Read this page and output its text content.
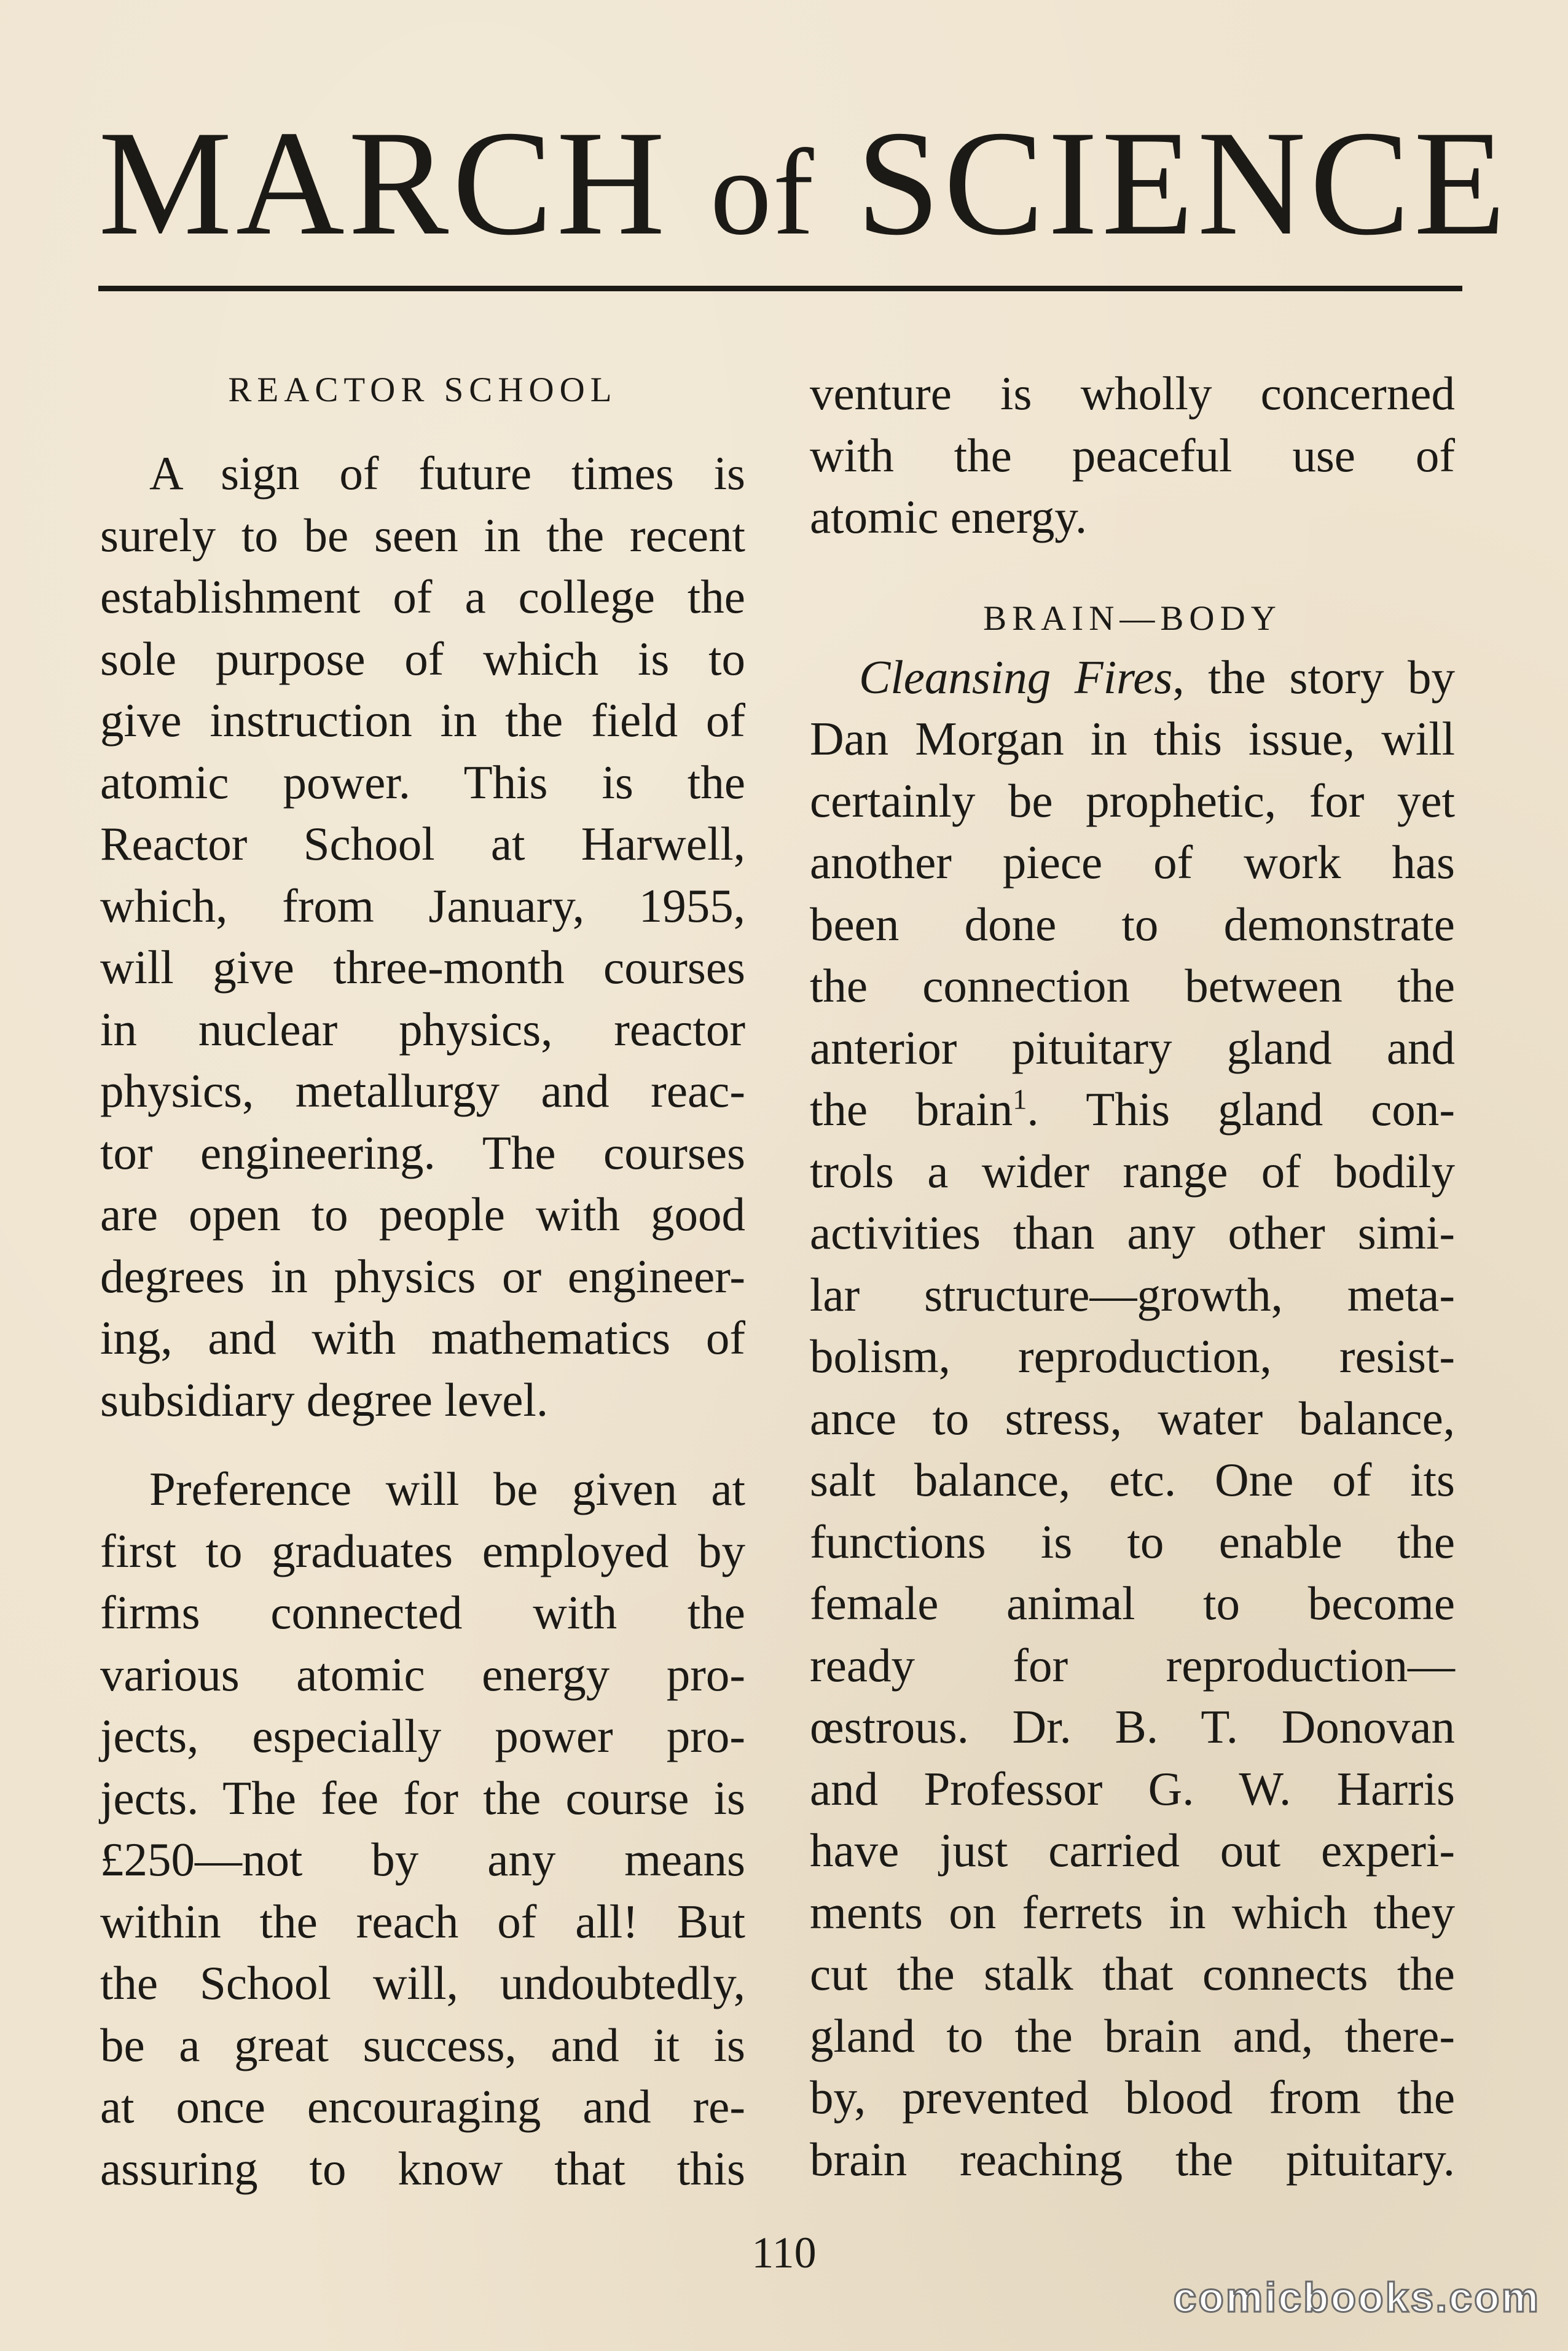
MARCH of SCIENCE
REACTOR SCHOOL
A sign of future times is
surely to be seen in the recent
establishment of a college the
sole purpose of which is to
give instruction in the field of
atomic power. This is the
Reactor School at Harwell,
which, from January, 1955,
will give three-month courses
in nuclear physics, reactor
physics, metallurgy and reac-
tor engineering. The courses
are open to people with good
degrees in physics or engineer-
ing, and with mathematics of
subsidiary degree level.
Preference will be given at
first to graduates employed by
firms connected with the
various atomic energy pro-
jects, especially power pro-
jects. The fee for the course is
£250—not by any means
within the reach of all! But
the School will, undoubtedly,
be a great success, and it is
at once encouraging and re-
assuring to know that this
venture is wholly concerned
with the peaceful use of
atomic energy.
BRAIN—BODY
Cleansing Fires, the story by
Dan Morgan in this issue, will
certainly be prophetic, for yet
another piece of work has
been done to demonstrate
the connection between the
anterior pituitary gland and
the brain$^1$. This gland con-
trols a wider range of bodily
activities than any other simi-
lar structure—growth, meta-
bolism, reproduction, resist-
ance to stress, water balance,
salt balance, etc. One of its
functions is to enable the
female animal to become
ready for reproduction—
œstrous. Dr. B. T. Donovan
and Professor G. W. Harris
have just carried out experi-
ments on ferrets in which they
cut the stalk that connects the
gland to the brain and, there-
by, prevented blood from the
brain reaching the pituitary.
110
comicbooks.com
